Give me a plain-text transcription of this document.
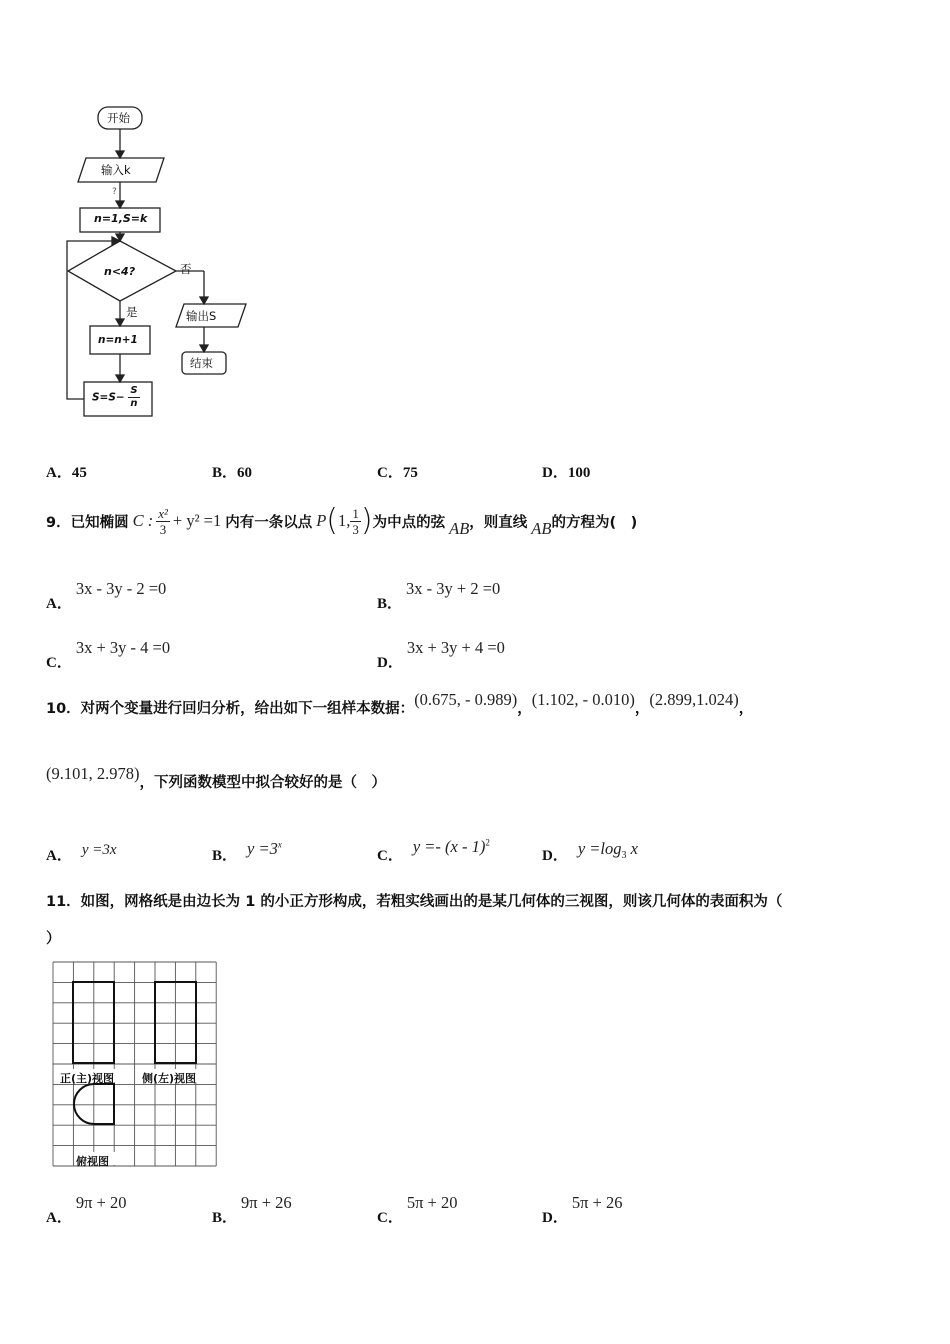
开始
输入k
?
n=1,S=k
n<4?	否
是	输出S
结束
n=n+1
$S=S- \frac{S}{n}$
A．45	B．60	C．75	D．100
9．已知椭圆 C : $\frac{\text{x²}}{3} + y^2 =1$ 内有一条以点 P ( 1, $\frac{1}{3}$ ) 为中点的弦 AB ，则直线 AB 的方程为(　)
A． 3x - 3y - 2 =0
B． 3x - 3y + 2 =0
C． 3x + 3y - 4 =0
D． 3x + 3y + 4 =0
10．对两个变量进行回归分析，给出如下一组样本数据： (0.675, - 0.989) ， (1.102, - 0.010) ， (2.899,1.024) ，
(9.101, 2.978) ，下列函数模型中拟合较好的是（　）
A． y =3x	B． $y =3^x$
C． y =- (x - 1)$^2$
D． $y =\log_3$ x
11．如图，网格纸是由边长为 1 的小正方形构成，若粗实线画出的是某几何体的三视图，则该几何体的表面积为（
）
正(主)视图	侧(左)视图
俯视图
A． 9π + 20
B． 9π + 26
C． 5π + 20
D． 5π + 26
